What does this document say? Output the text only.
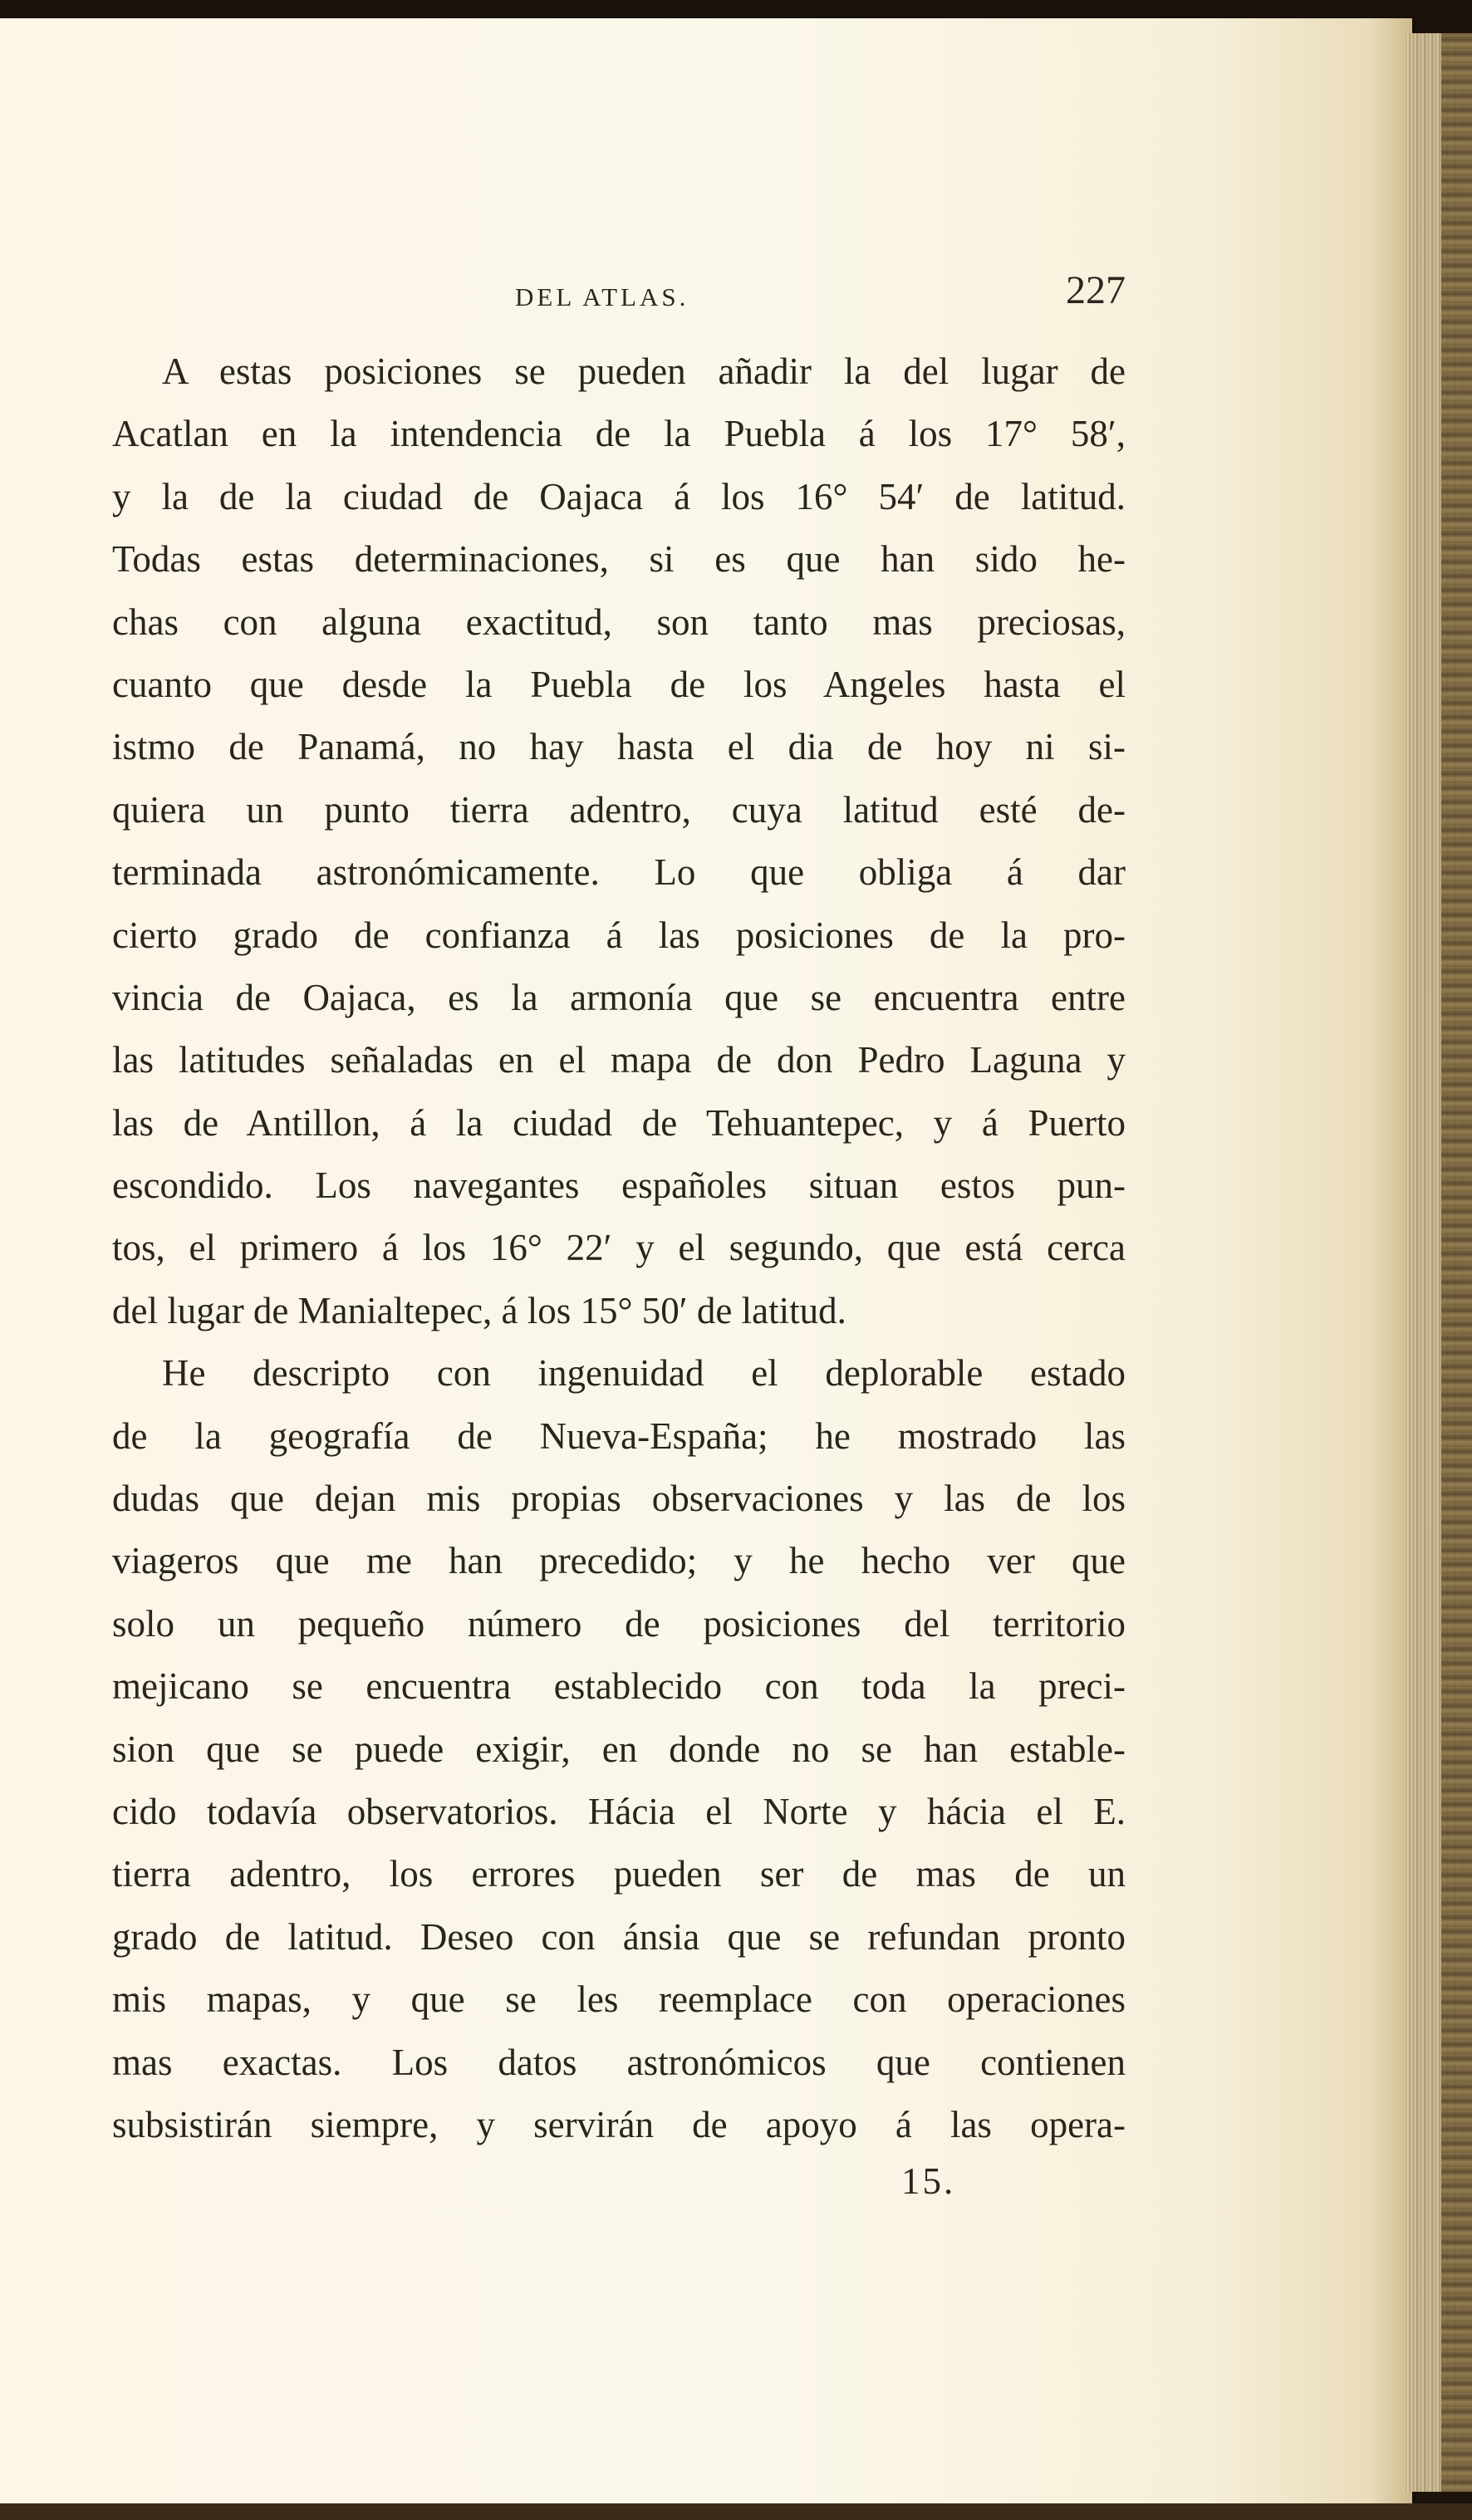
DEL ATLAS.	227
A estas posiciones se pueden añadir la del lugar de
Acatlan en la intendencia de la Puebla á los 17° 58′,
y la de la ciudad de Oajaca á los 16° 54′ de latitud.
Todas estas determinaciones, si es que han sido he-
chas con alguna exactitud, son tanto mas preciosas,
cuanto que desde la Puebla de los Angeles hasta el
istmo de Panamá, no hay hasta el dia de hoy ni si-
quiera un punto tierra adentro, cuya latitud esté de-
terminada astronómicamente. Lo que obliga á dar
cierto grado de confianza á las posiciones de la pro-
vincia de Oajaca, es la armonía que se encuentra entre
las latitudes señaladas en el mapa de don Pedro Laguna y
las de Antillon, á la ciudad de Tehuantepec, y á Puerto
escondido. Los navegantes españoles situan estos pun-
tos, el primero á los 16° 22′ y el segundo, que está cerca
del lugar de Manialtepec, á los 15° 50′ de latitud.
He descripto con ingenuidad el deplorable estado
de la geografía de Nueva-España; he mostrado las
dudas que dejan mis propias observaciones y las de los
viageros que me han precedido; y he hecho ver que
solo un pequeño número de posiciones del territorio
mejicano se encuentra establecido con toda la preci-
sion que se puede exigir, en donde no se han estable-
cido todavía observatorios. Hácia el Norte y hácia el E.
tierra adentro, los errores pueden ser de mas de un
grado de latitud. Deseo con ánsia que se refundan pronto
mis mapas, y que se les reemplace con operaciones
mas exactas. Los datos astronómicos que contienen
subsistirán siempre, y servirán de apoyo á las opera-
15.
